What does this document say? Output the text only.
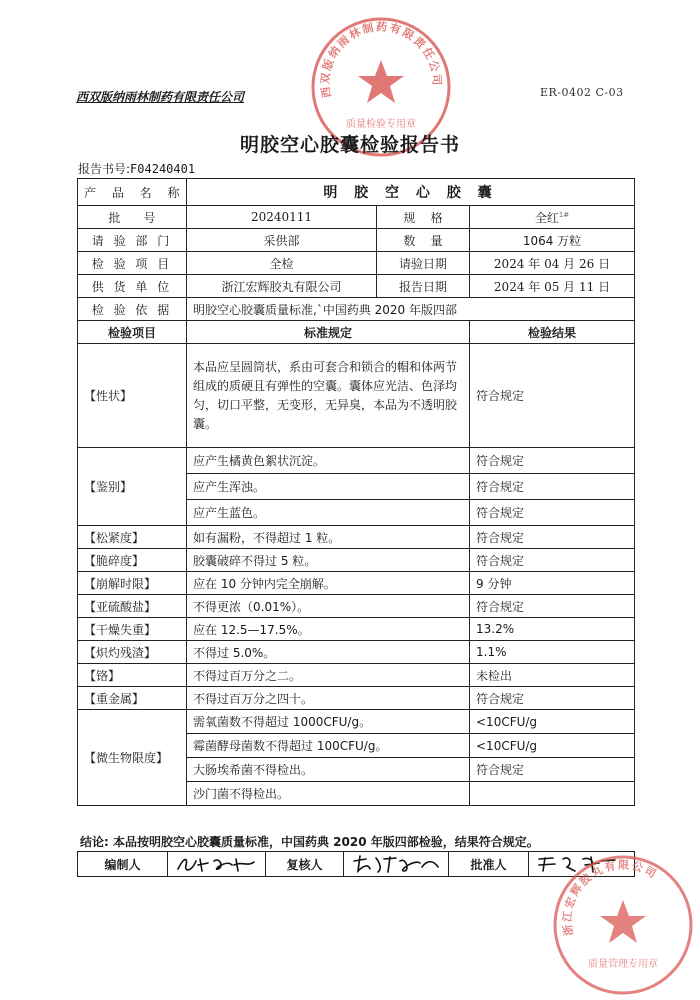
西双版纳雨林制药有限责任公司
质量检验专用章
西双版纳雨林制药有限责任公司	ER-0402 C-03
明胶空心胶囊检验报告书
报告书号:F04240401
产 品 名 称	明 胶 空 心 胶 囊		
批      号	20240111	规    格	全红$^{1\#}$
请 验 部 门	采供部	数    量	1064 万粒
检 验 项 目	全检	请验日期	2024 年 04 月 26 日
供 货 单 位	浙江宏辉胶丸有限公司	报告日期	2024 年 05 月 11 日
检 验 依 据	明胶空心胶囊质量标准,`中国药典 2020 年版四部		
检验项目	标准规定		检验结果
【性状】	本品应呈圆筒状，系由可套合和锁合的帽和体两节组成的质硬且有弹性的空囊。囊体应光洁、色泽均匀，切口平整，无变形，无异臭，本品为不透明胶囊。		符合规定
【鉴别】	应产生橘黄色絮状沉淀。		符合规定
	应产生浑浊。		符合规定
	应产生蓝色。		符合规定
【松紧度】	如有漏粉，不得超过 1 粒。		符合规定
【脆碎度】	胶囊破碎不得过 5 粒。		符合规定
【崩解时限】	应在 10 分钟内完全崩解。		9 分钟
【亚硫酸盐】	不得更浓（0.01%）。		符合规定
【干燥失重】	应在 12.5—17.5%。		13.2%
【炽灼残渣】	不得过 5.0%。		1.1%
【铬】	不得过百万分之二。		未检出
【重金属】	不得过百万分之四十。		符合规定
【微生物限度】	需氧菌数不得超过 1000CFU/g。		<10CFU/g
	霉菌酵母菌数不得超过 100CFU/g。		<10CFU/g
	大肠埃希菌不得检出。		符合规定
	沙门菌不得检出。		
结论: 本品按明胶空心胶囊质量标准，中国药典 2020 年版四部检验，结果符合规定。
编制人		复核人		批准人	
浙江宏辉胶丸有限公司
质量管理专用章
